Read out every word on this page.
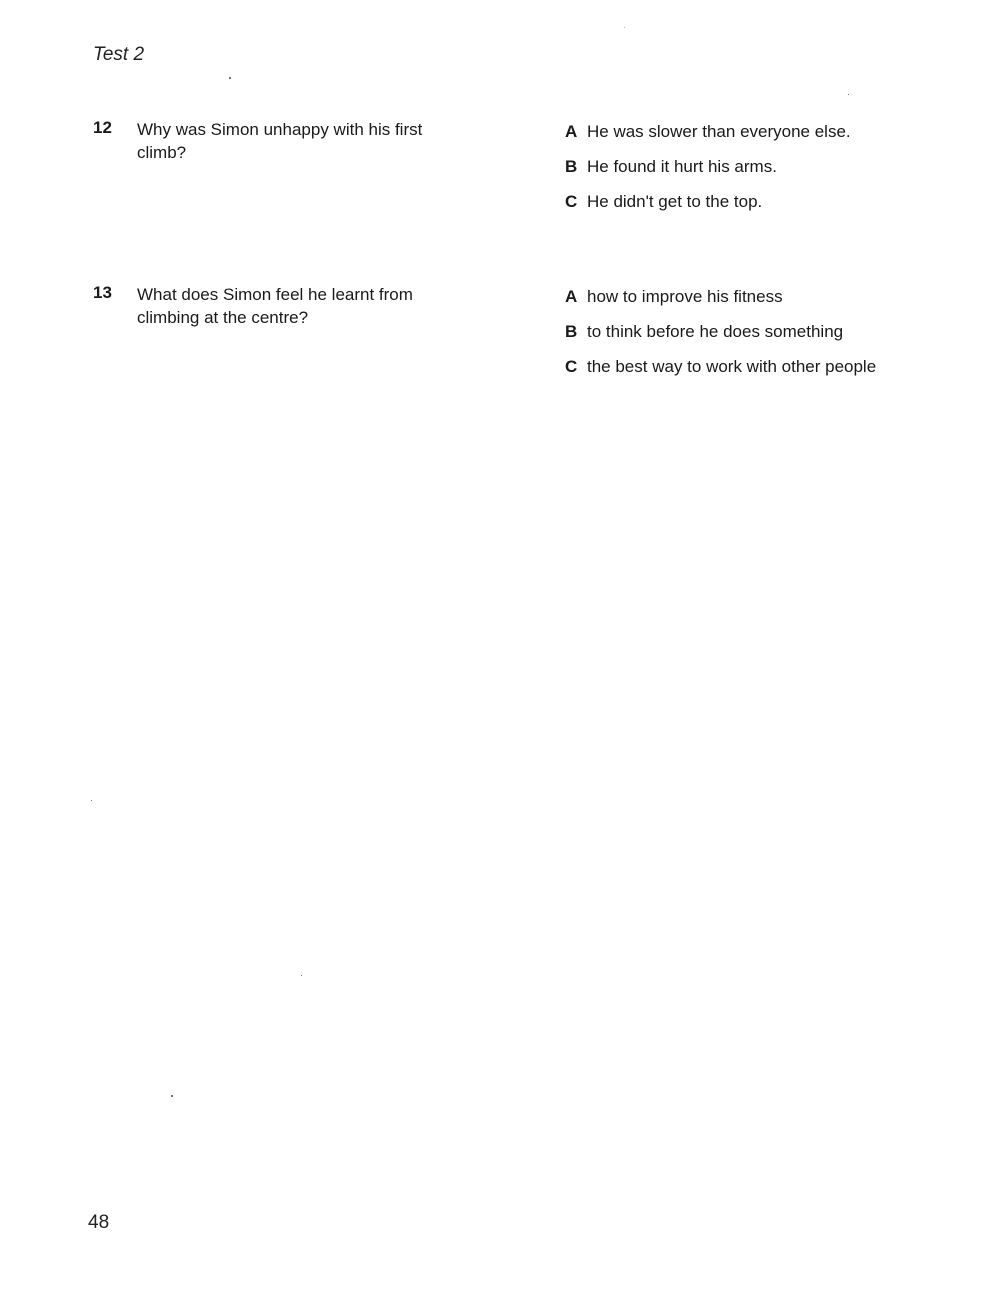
Test 2
12 Why was Simon unhappy with his first climb?
A He was slower than everyone else.
B He found it hurt his arms.
C He didn't get to the top.
13 What does Simon feel he learnt from climbing at the centre?
A how to improve his fitness
B to think before he does something
C the best way to work with other people
48
